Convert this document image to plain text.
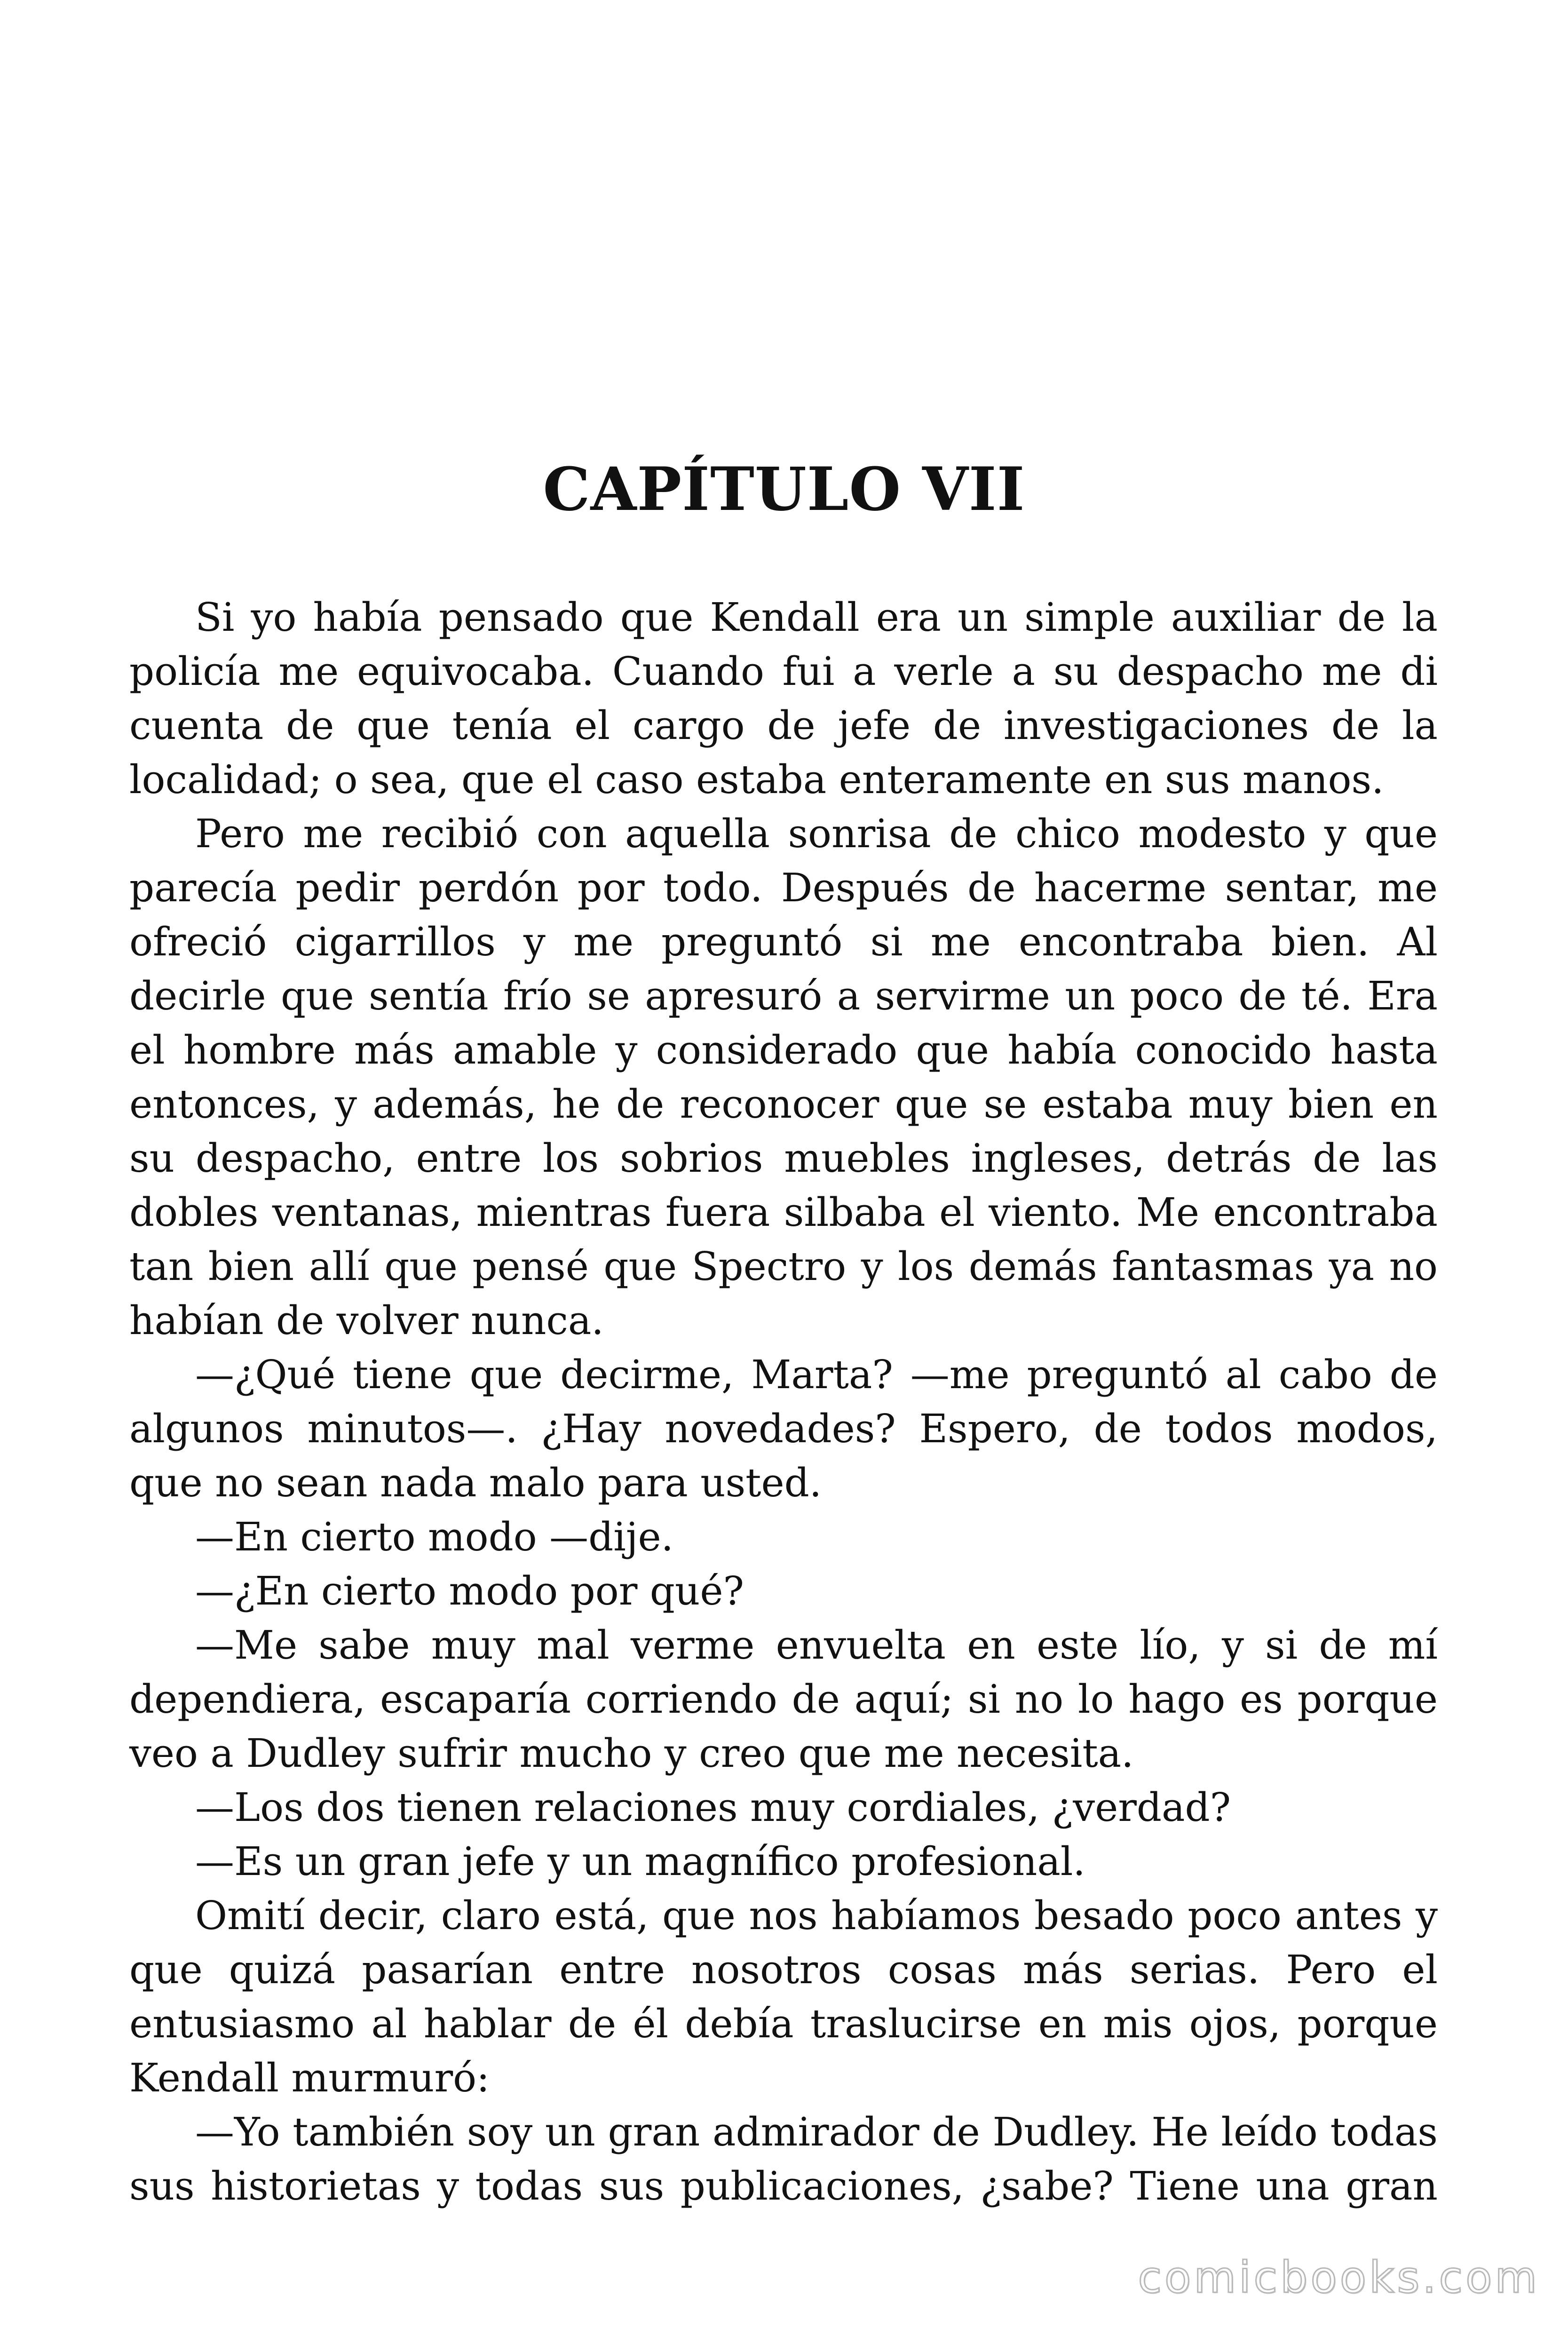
CAPÍTULO VII

Si yo había pensado que Kendall era un simple auxiliar de la policía me equivocaba. Cuando fui a verle a su despacho me di cuenta de que tenía el cargo de jefe de investigaciones de la localidad; o sea, que el caso estaba enteramente en sus manos.

Pero me recibió con aquella sonrisa de chico modesto y que parecía pedir perdón por todo. Después de hacerme sentar, me ofreció cigarrillos y me preguntó si me encontraba bien. Al decirle que sentía frío se apresuró a servirme un poco de té. Era el hombre más amable y considerado que había conocido hasta entonces, y además, he de reconocer que se estaba muy bien en su despacho, entre los sobrios muebles ingleses, detrás de las dobles ventanas, mientras fuera silbaba el viento. Me encontraba tan bien allí que pensé que Spectro y los demás fantasmas ya no habían de volver nunca.

—¿Qué tiene que decirme, Marta? —me preguntó al cabo de algunos minutos—. ¿Hay novedades? Espero, de todos modos, que no sean nada malo para usted.

—En cierto modo —dije.

—¿En cierto modo por qué?

—Me sabe muy mal verme envuelta en este lío, y si de mí dependiera, escaparía corriendo de aquí; si no lo hago es porque veo a Dudley sufrir mucho y creo que me necesita.

—Los dos tienen relaciones muy cordiales, ¿verdad?

—Es un gran jefe y un magnífico profesional.

Omití decir, claro está, que nos habíamos besado poco antes y que quizá pasarían entre nosotros cosas más serias. Pero el entusiasmo al hablar de él debía traslucirse en mis ojos, porque Kendall murmuró:

—Yo también soy un gran admirador de Dudley. He leído todas sus historietas y todas sus publicaciones, ¿sabe? Tiene una gran

comicbooks.com
